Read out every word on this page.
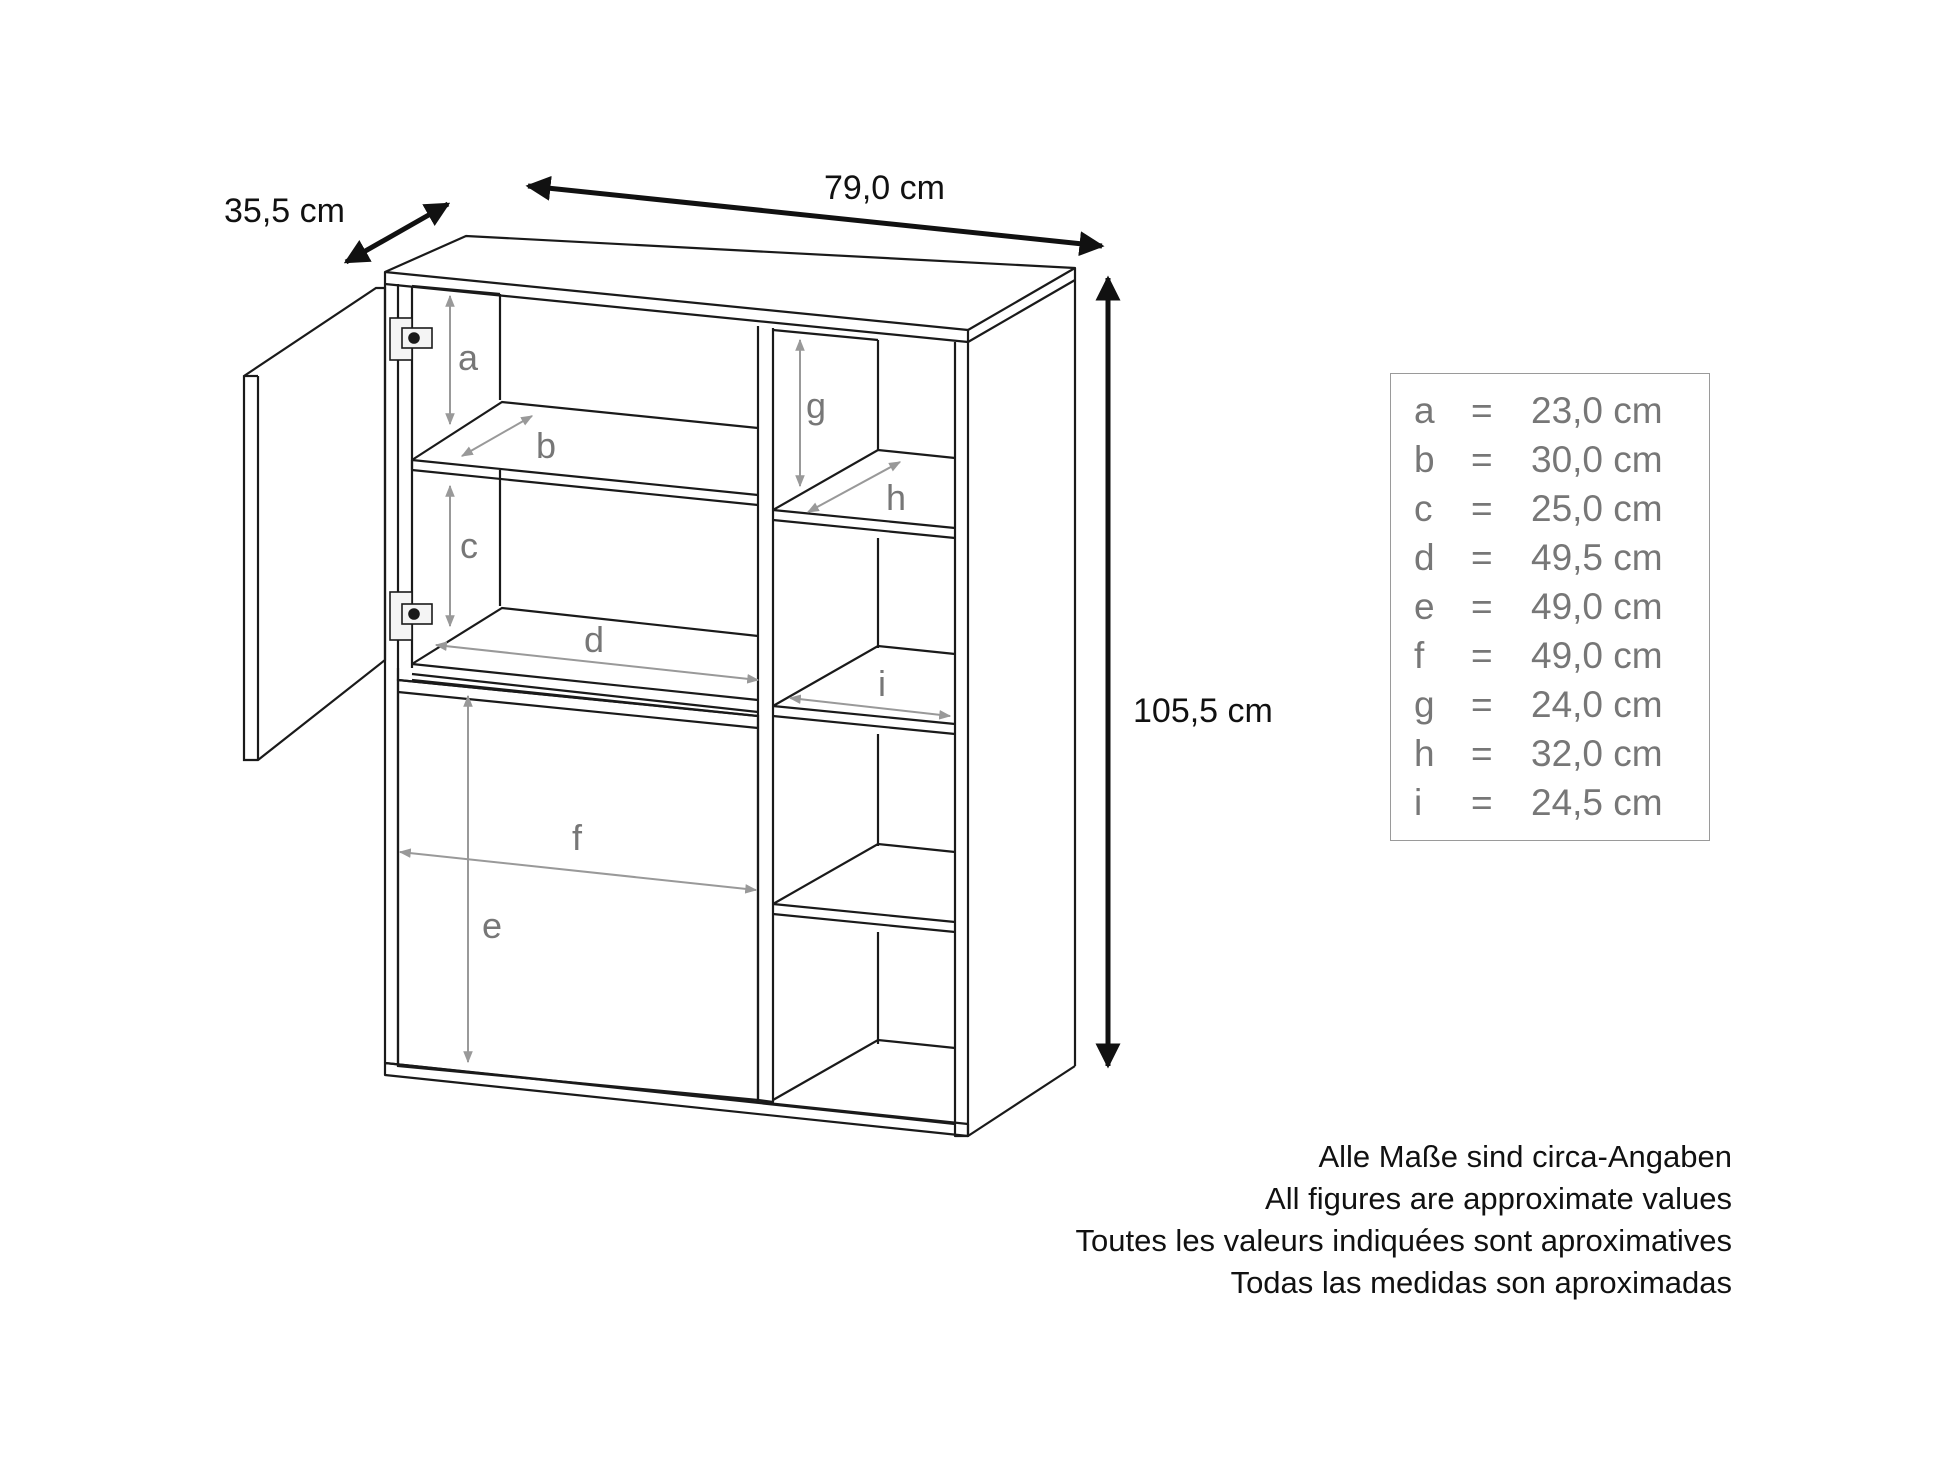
35,5 cm
79,0 cm
105,5 cm
a
b
c
d
e
f
g
h
i
a = 23,0 cm
b = 30,0 cm
c = 25,0 cm
d = 49,5 cm
e = 49,0 cm
f = 49,0 cm
g = 24,0 cm
h = 32,0 cm
i = 24,5 cm
Alle Maße sind circa-Angaben
All figures are approximate values
Toutes les valeurs indiquées sont aproximatives
Todas las medidas son aproximadas
